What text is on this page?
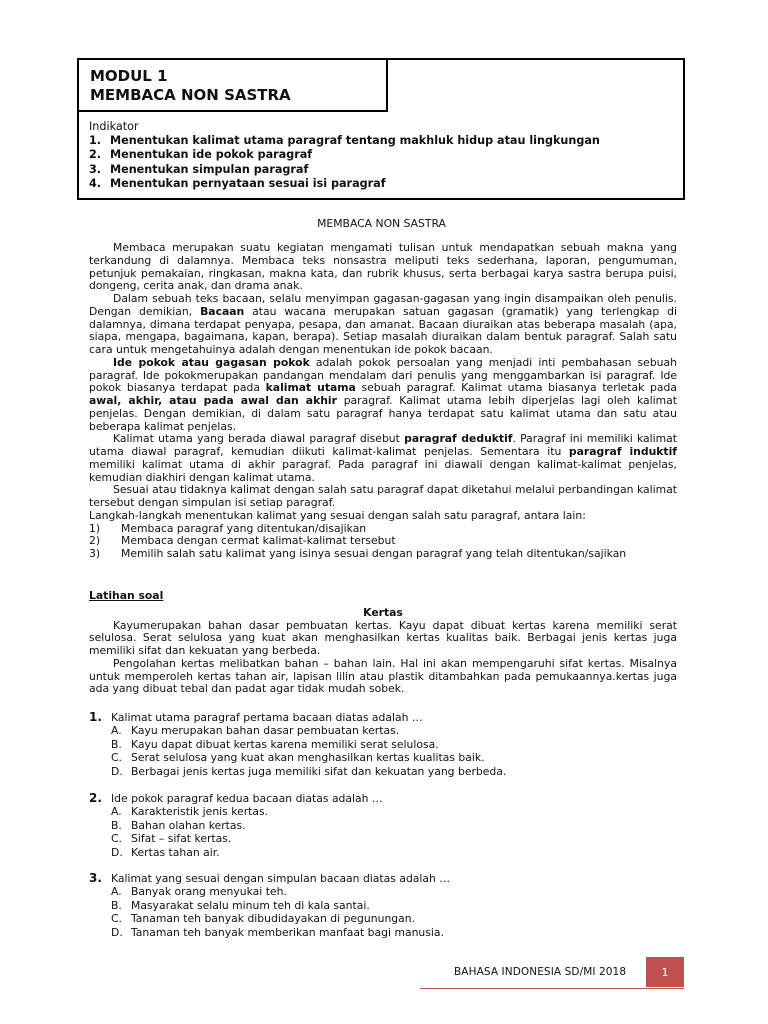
MODUL 1
MEMBACA NON SASTRA
Indikator
1. Menentukan kalimat utama paragraf tentang makhluk hidup atau lingkungan
2. Menentukan ide pokok paragraf
3. Menentukan simpulan paragraf
4. Menentukan pernyataan sesuai isi paragraf
MEMBACA NON SASTRA

Membaca merupakan suatu kegiatan mengamati tulisan untuk mendapatkan sebuah makna yang terkandung di dalamnya. Membaca teks nonsastra meliputi teks sederhana, laporan, pengumuman, petunjuk pemakaian, ringkasan, makna kata, dan rubrik khusus, serta berbagai karya sastra berupa puisi, dongeng, cerita anak, dan drama anak.

Dalam sebuah teks bacaan, selalu menyimpan gagasan-gagasan yang ingin disampaikan oleh penulis. Dengan demikian, Bacaan atau wacana merupakan satuan gagasan (gramatik) yang terlengkap di dalamnya, dimana terdapat penyapa, pesapa, dan amanat. Bacaan diuraikan atas beberapa masalah (apa, siapa, mengapa, bagaimana, kapan, berapa). Setiap masalah diuraikan dalam bentuk paragraf. Salah satu cara untuk mengetahuinya adalah dengan menentukan ide pokok bacaan.

Ide pokok atau gagasan pokok adalah pokok persoalan yang menjadi inti pembahasan sebuah paragraf. Ide pokokmerupakan pandangan mendalam dari penulis yang menggambarkan isi paragraf. Ide pokok biasanya terdapat pada kalimat utama sebuah paragraf. Kalimat utama biasanya terletak pada awal, akhir, atau pada awal dan akhir paragraf. Kalimat utama lebih diperjelas lagi oleh kalimat penjelas. Dengan demikian, di dalam satu paragraf hanya terdapat satu kalimat utama dan satu atau beberapa kalimat penjelas.

Kalimat utama yang berada diawal paragraf disebut paragraf deduktif. Paragraf ini memiliki kalimat utama diawal paragraf, kemudian diikuti kalimat-kalimat penjelas. Sementara itu paragraf induktif memiliki kalimat utama di akhir paragraf. Pada paragraf ini diawali dengan kalimat-kalimat penjelas, kemudian diakhiri dengan kalimat utama.

Sesuai atau tidaknya kalimat dengan salah satu paragraf dapat diketahui melalui perbandingan kalimat tersebut dengan simpulan isi setiap paragraf.

Langkah-langkah menentukan kalimat yang sesuai dengan salah satu paragraf, antara lain:

1)	Membaca paragraf yang ditentukan/disajikan
2)	Membaca dengan cermat kalimat-kalimat tersebut
3)	Memilih salah satu kalimat yang isinya sesuai dengan paragraf yang telah ditentukan/sajikan
Latihan soal
Kertas

Kayumerupakan bahan dasar pembuatan kertas. Kayu dapat dibuat kertas karena memiliki serat selulosa. Serat selulosa yang kuat akan menghasilkan kertas kualitas baik. Berbagai jenis kertas juga memiliki sifat dan kekuatan yang berbeda.

Pengolahan kertas melibatkan bahan – bahan lain. Hal ini akan mempengaruhi sifat kertas. Misalnya untuk memperoleh kertas tahan air, lapisan lilin atau plastik ditambahkan pada pemukaannya.kertas juga ada yang dibuat tebal dan padat agar tidak mudah sobek.

1. Kalimat utama paragraf pertama bacaan diatas adalah …
A. Kayu merupakan bahan dasar pembuatan kertas.
B. Kayu dapat dibuat kertas karena memiliki serat selulosa.
C. Serat selulosa yang kuat akan menghasilkan kertas kualitas baik.
D. Berbagai jenis kertas juga memiliki sifat dan kekuatan yang berbeda.
2. Ide pokok paragraf kedua bacaan diatas adalah …
A. Karakteristik jenis kertas.
B. Bahan olahan kertas.
C. Sifat – sifat kertas.
D. Kertas tahan air.
3. Kalimat yang sesuai dengan simpulan bacaan diatas adalah …
A. Banyak orang menyukai teh.
B. Masyarakat selalu minum teh di kala santai.
C. Tanaman teh banyak dibudidayakan di pegunungan.
D. Tanaman teh banyak memberikan manfaat bagi manusia.
BAHASA INDONESIA SD/MI 2018	1
